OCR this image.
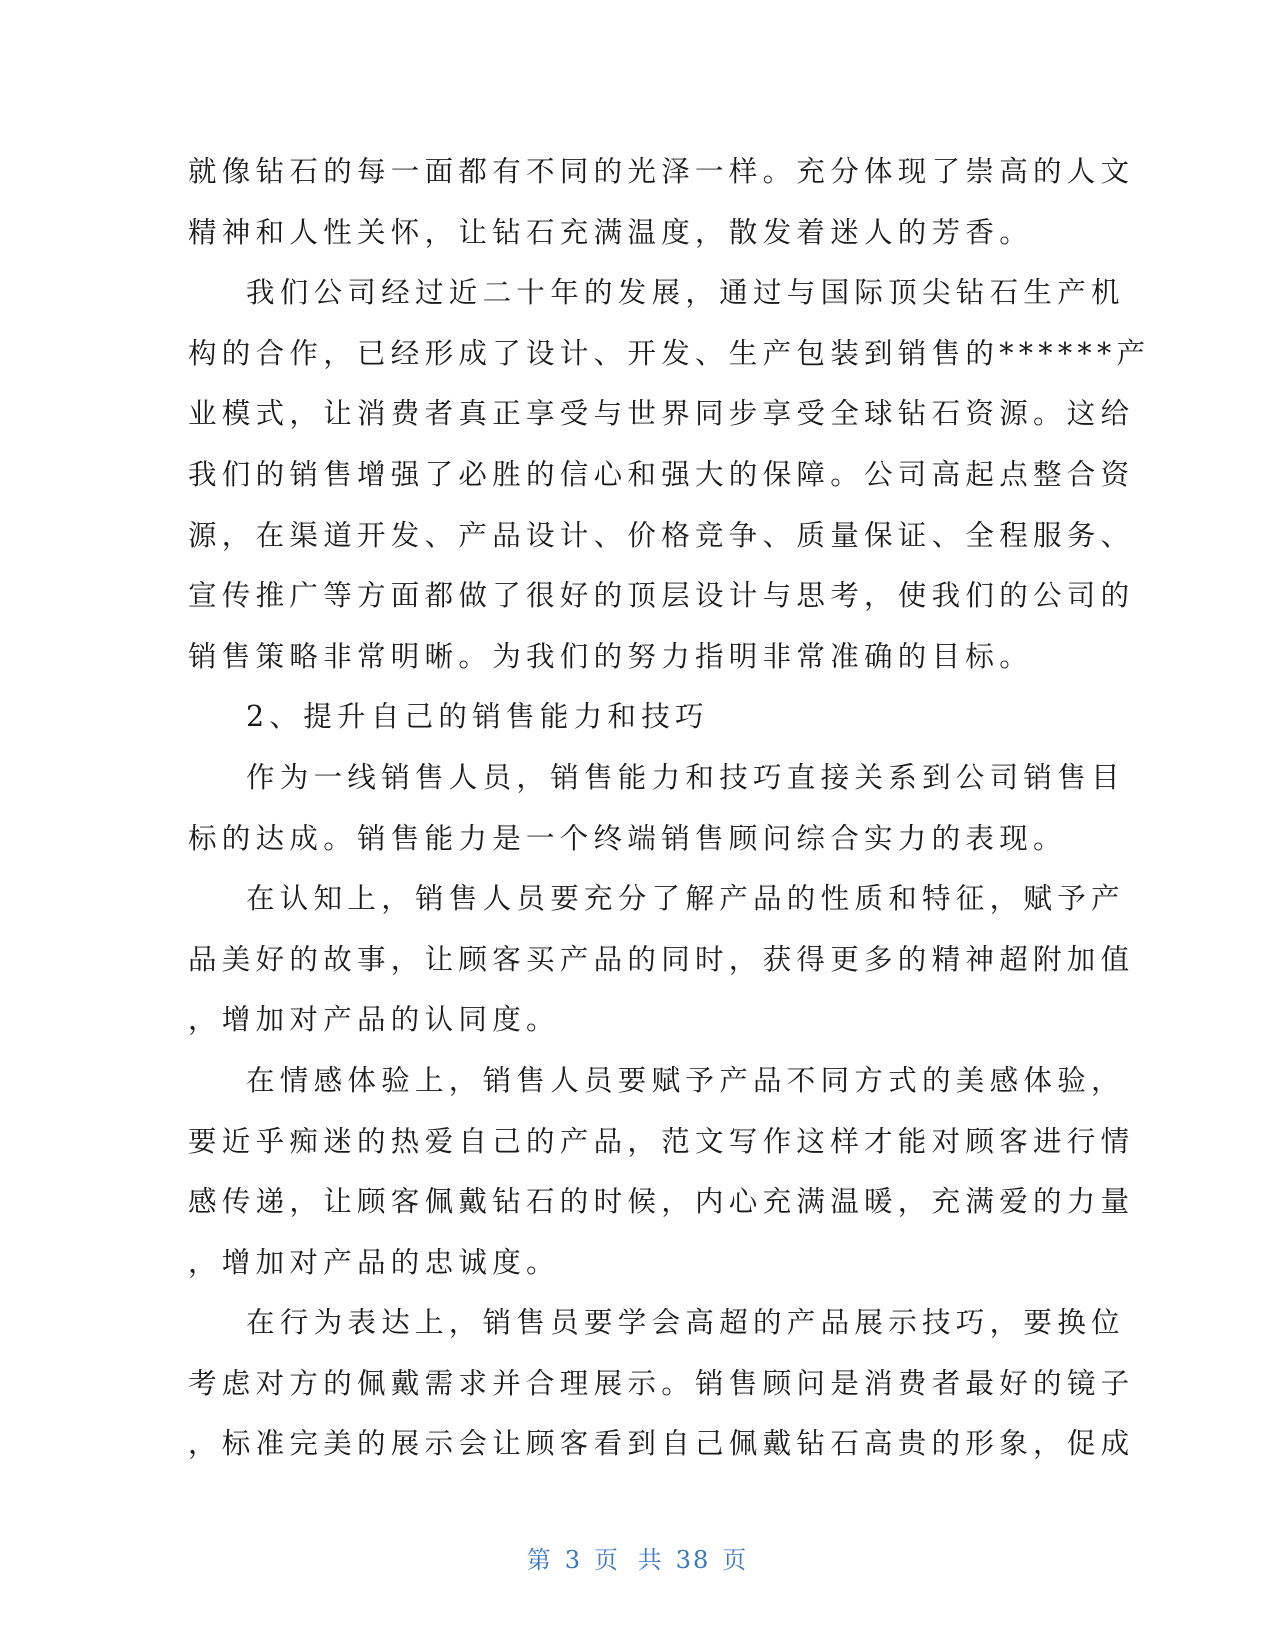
就像钻石的每一面都有不同的光泽一样。充分体现了崇高的人文
精神和人性关怀，让钻石充满温度，散发着迷人的芳香。
我们公司经过近二十年的发展，通过与国际顶尖钻石生产机
构的合作，已经形成了设计、开发、生产包装到销售的******产
业模式，让消费者真正享受与世界同步享受全球钻石资源。这给
我们的销售增强了必胜的信心和强大的保障。公司高起点整合资
源，在渠道开发、产品设计、价格竞争、质量保证、全程服务、
宣传推广等方面都做了很好的顶层设计与思考，使我们的公司的
销售策略非常明晰。为我们的努力指明非常准确的目标。
2、提升自己的销售能力和技巧
作为一线销售人员，销售能力和技巧直接关系到公司销售目
标的达成。销售能力是一个终端销售顾问综合实力的表现。
在认知上，销售人员要充分了解产品的性质和特征，赋予产
品美好的故事，让顾客买产品的同时，获得更多的精神超附加值
，增加对产品的认同度。
在情感体验上，销售人员要赋予产品不同方式的美感体验，
要近乎痴迷的热爱自己的产品，范文写作这样才能对顾客进行情
感传递，让顾客佩戴钻石的时候，内心充满温暖，充满爱的力量
，增加对产品的忠诚度。
在行为表达上，销售员要学会高超的产品展示技巧，要换位
考虑对方的佩戴需求并合理展示。销售顾问是消费者最好的镜子
，标准完美的展示会让顾客看到自己佩戴钻石高贵的形象，促成
第 3 页 共 38 页
